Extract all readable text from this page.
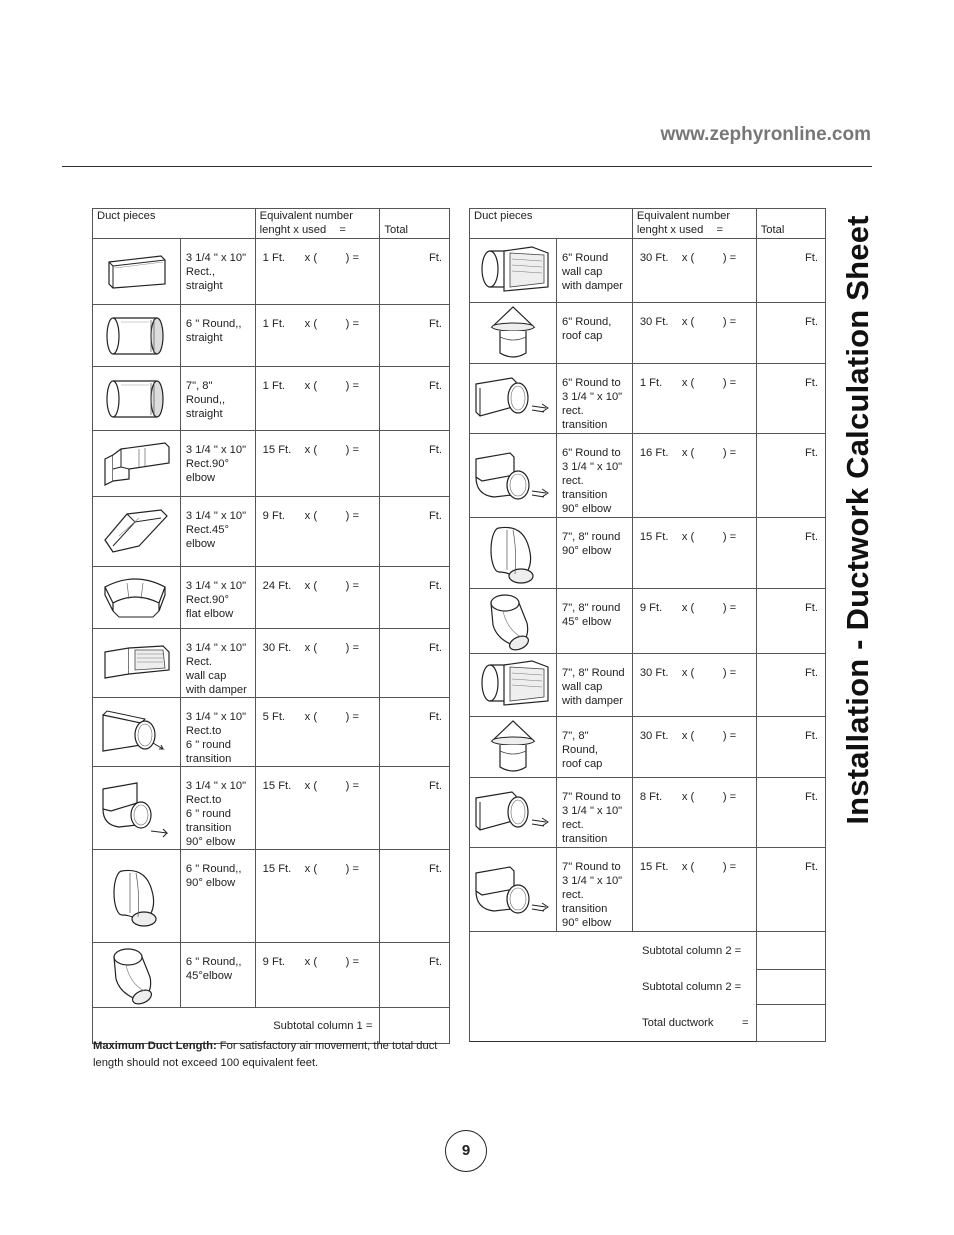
www.zephyronline.com
Installation - Ductwork Calculation Sheet
Duct pieces		Equivalent number
lenght x used =	Total

	3 1/4 " x 10"
Rect.,
straight	1 Ft. x ( ) =	Ft.

	6 " Round,,
straight	1 Ft. x ( ) =	Ft.

	7", 8"
Round,,
straight	1 Ft. x ( ) =	Ft.

	3 1/4 " x 10"
Rect.90°
elbow	15 Ft. x ( ) =	Ft.

	3 1/4 " x 10"
Rect.45°
elbow	9 Ft. x ( ) =	Ft.

	3 1/4 " x 10"
Rect.90°
flat elbow	24 Ft. x ( ) =	Ft.

	3 1/4 " x 10"
Rect.
wall cap
with damper	30 Ft. x ( ) =	Ft.

	3 1/4 " x 10"
Rect.to
6 " round
transition	5 Ft. x ( ) =	Ft.

	3 1/4 " x 10"
Rect.to
6 " round
transition
90° elbow	15 Ft. x ( ) =	Ft.

	6 " Round,,
90° elbow	15 Ft. x ( ) =	Ft.

	6 " Round,,
45°elbow	9 Ft. x ( ) =	Ft.
Subtotal column 1 =			
Duct pieces		Equivalent number
lenght x used =	Total

	6" Round
wall cap
with damper	30 Ft. x ( ) =	Ft.

	6" Round,
roof cap	30 Ft. x ( ) =	Ft.

	6" Round to
3 1/4 " x 10"
rect.
transition	1 Ft. x ( ) =	Ft.

	6" Round to
3 1/4 " x 10"
rect.
transition
90° elbow	16 Ft. x ( ) =	Ft.

	7", 8" round
90° elbow	15 Ft. x ( ) =	Ft.

	7", 8" round
45° elbow	9 Ft. x ( ) =	Ft.

	7", 8" Round
wall cap
with damper	30 Ft. x ( ) =	Ft.

	7", 8"
Round,
roof cap	30 Ft. x ( ) =	Ft.

	7" Round to
3 1/4 " x 10"
rect.
transition	8 Ft. x ( ) =	Ft.

	7" Round to
3 1/4 " x 10"
rect.
transition
90° elbow	15 Ft. x ( ) =	Ft.
Subtotal column 2 =			
Subtotal column 2 =			
Total ductwork =			
Maximum Duct Length: For satisfactory air movement, the total duct length should not exceed 100 equivalent feet.
9
